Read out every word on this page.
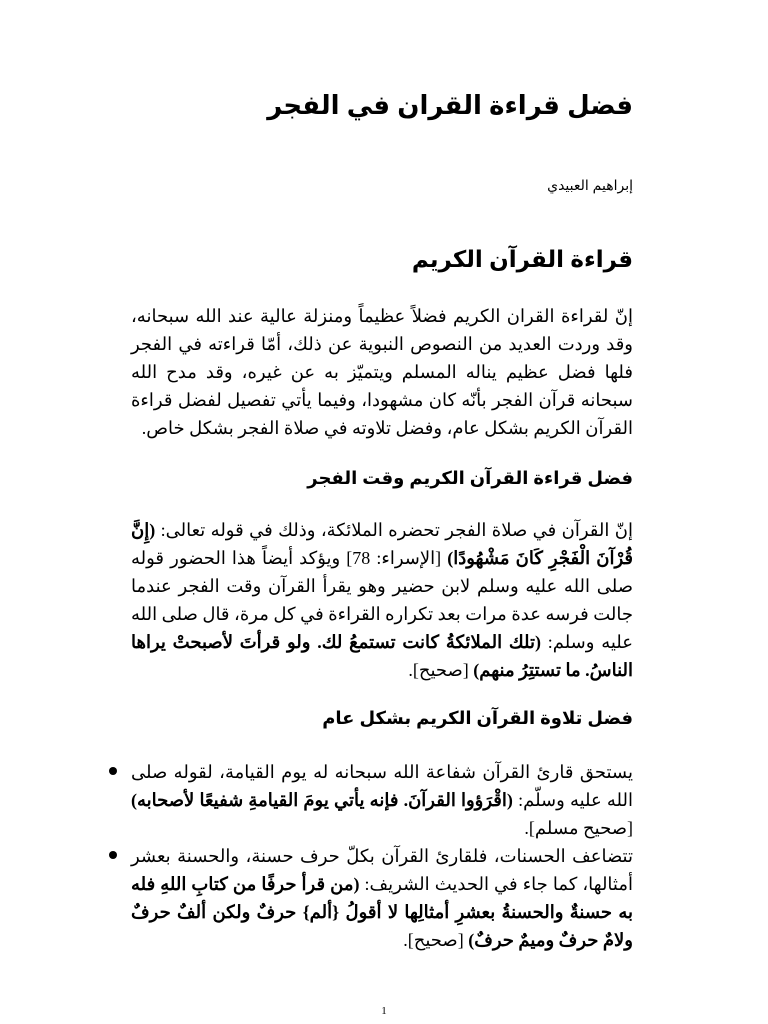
فضل قراءة القران في الفجر

إبراهيم العبيدي

قراءة القرآن الكريم

إنّ لقراءة القران الكريم فضلاً عظيماً ومنزلة عالية عند الله سبحانه، وقد وردت العديد من النصوص النبوية عن ذلك، أمّا قراءته في الفجر فلها فضل عظيم يناله المسلم ويتميّز به عن غيره، وقد مدح الله سبحانه قرآن الفجر بأنّه كان مشهودا، وفيما يأتي تفصيل لفضل قراءة القرآن الكريم بشكل عام، وفضل تلاوته في صلاة الفجر بشكل خاص.

فضل قراءة القرآن الكريم وقت الفجر

إنّ القرآن في صلاة الفجر تحضره الملائكة، وذلك في قوله تعالى: (إِنَّ قُرْآنَ الْفَجْرِ كَانَ مَشْهُودًا) [الإسراء: 78] ويؤكد أيضاً هذا الحضور قوله صلى الله عليه وسلم لابن حضير وهو يقرأ القرآن وقت الفجر عندما جالت فرسه عدة مرات بعد تكراره القراءة في كل مرة، قال صلى الله عليه وسلم: (تلك الملائكةُ كانت تستمعُ لك. ولو قرأتَ لأصبحتْ يراها الناسُ. ما تستتِرُ منهم) [صحيح].

فضل تلاوة القرآن الكريم بشكل عام
يستحق قارئ القرآن شفاعة الله سبحانه له يوم القيامة، لقوله صلى الله عليه وسلّم: (اقْرَؤوا القرآنَ. فإنه يأتي يومَ القيامةِ شفيعًا لأصحابه) [صحيح مسلم].
تتضاعف الحسنات، فلقارئ القرآن بكلّ حرف حسنة، والحسنة بعشر أمثالها، كما جاء في الحديث الشريف: (من قرأ حرفًا من كتابِ اللهِ فله به حسنةٌ والحسنةُ بعشرِ أمثالِها لا أقولُ {ألم} حرفٌ ولكن ألفٌ حرفٌ ولامٌ حرفٌ وميمٌ حرفٌ) [صحيح].
1
